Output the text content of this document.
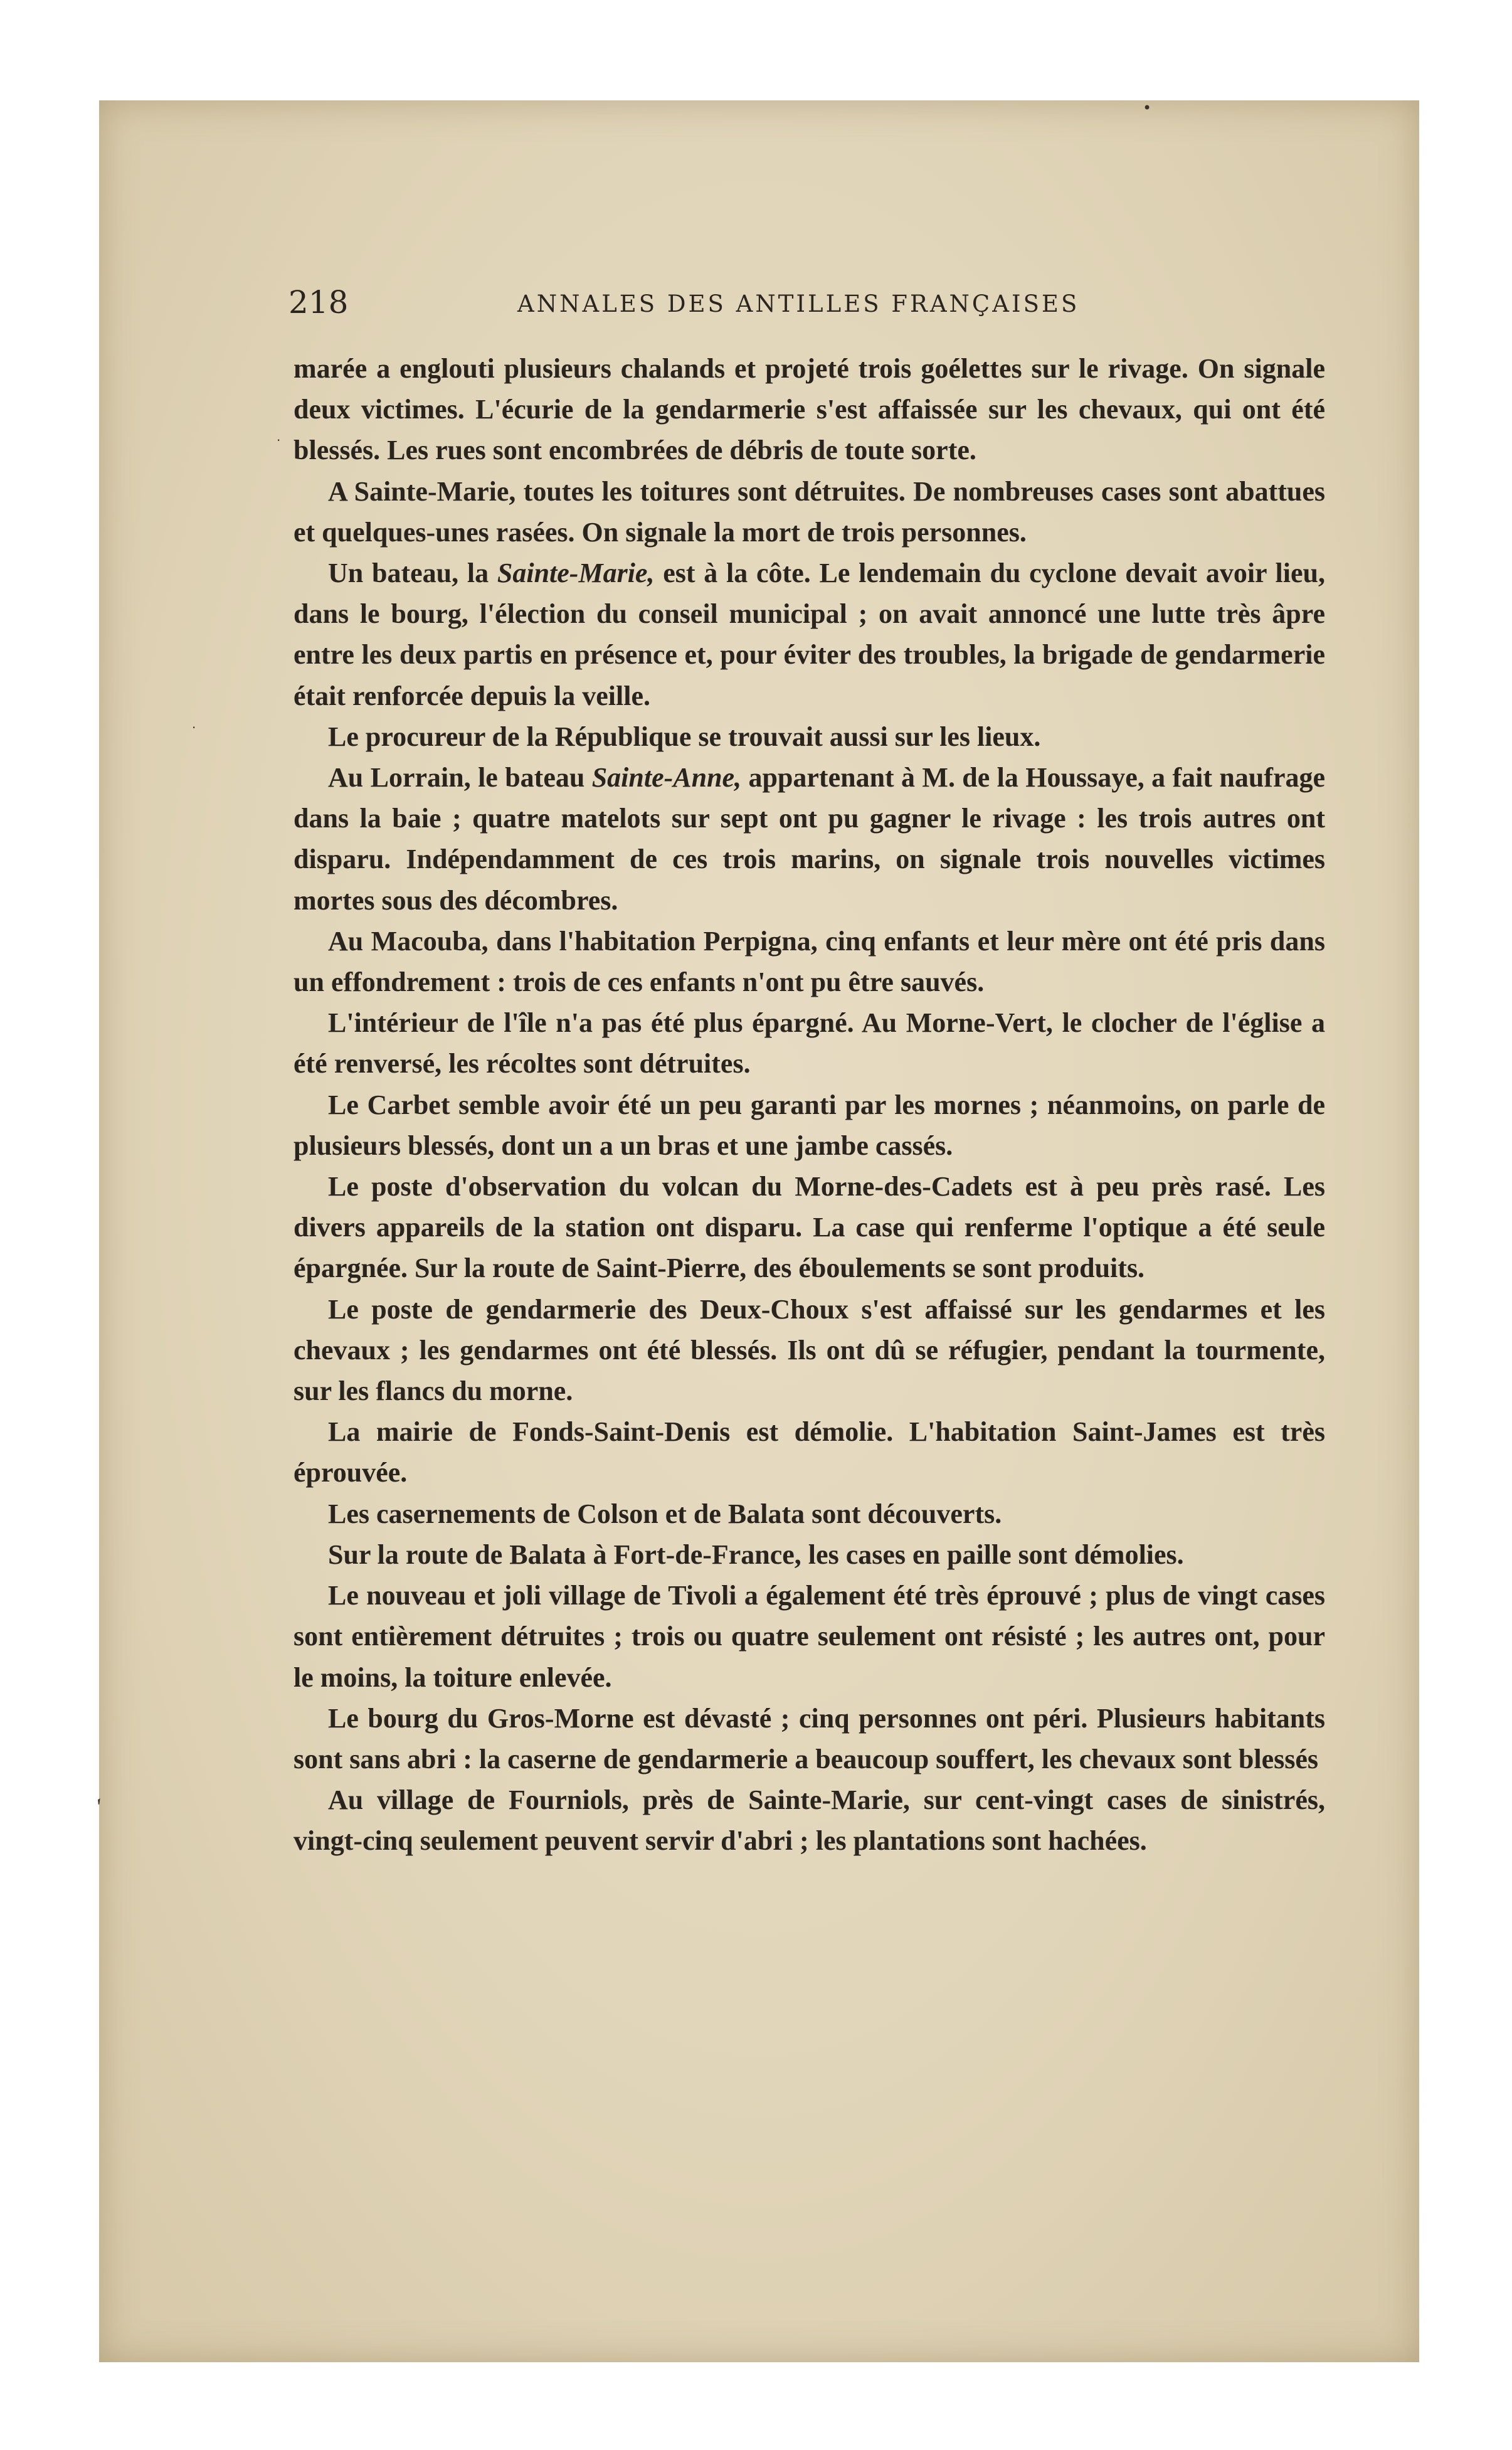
•
·
·
′
218	ANNALES DES ANTILLES FRANÇAISES

marée a englouti plusieurs chalands et projeté trois goélettes sur le rivage. On signale deux victimes. L'écurie de la gendarmerie s'est affaissée sur les chevaux, qui ont été blessés. Les rues sont encombrées de débris de toute sorte.

A Sainte-Marie, toutes les toitures sont détruites. De nombreuses cases sont abattues et quelques-unes rasées. On signale la mort de trois personnes.

Un bateau, la Sainte-Marie, est à la côte. Le lendemain du cyclone devait avoir lieu, dans le bourg, l'élection du conseil municipal ; on avait annoncé une lutte très âpre entre les deux partis en présence et, pour éviter des troubles, la brigade de gendarmerie était renforcée depuis la veille.

Le procureur de la République se trouvait aussi sur les lieux.

Au Lorrain, le bateau Sainte-Anne, appartenant à M. de la Houssaye, a fait naufrage dans la baie ; quatre matelots sur sept ont pu gagner le rivage : les trois autres ont disparu. Indépendamment de ces trois marins, on signale trois nouvelles victimes mortes sous des décombres.

Au Macouba, dans l'habitation Perpigna, cinq enfants et leur mère ont été pris dans un effondrement : trois de ces enfants n'ont pu être sauvés.

L'intérieur de l'île n'a pas été plus épargné. Au Morne-Vert, le clocher de l'église a été renversé, les récoltes sont détruites.

Le Carbet semble avoir été un peu garanti par les mornes ; néanmoins, on parle de plusieurs blessés, dont un a un bras et une jambe cassés.

Le poste d'observation du volcan du Morne-des-Cadets est à peu près rasé. Les divers appareils de la station ont disparu. La case qui renferme l'optique a été seule épargnée. Sur la route de Saint-Pierre, des éboulements se sont produits.

Le poste de gendarmerie des Deux-Choux s'est affaissé sur les gendarmes et les chevaux ; les gendarmes ont été blessés. Ils ont dû se réfugier, pendant la tourmente, sur les flancs du morne.

La mairie de Fonds-Saint-Denis est démolie. L'habitation Saint-James est très éprouvée.

Les casernements de Colson et de Balata sont découverts.

Sur la route de Balata à Fort-de-France, les cases en paille sont démolies.

Le nouveau et joli village de Tivoli a également été très éprouvé ; plus de vingt cases sont entièrement détruites ; trois ou quatre seulement ont résisté ; les autres ont, pour le moins, la toiture enlevée.

Le bourg du Gros-Morne est dévasté ; cinq personnes ont péri. Plusieurs habitants sont sans abri : la caserne de gendarmerie a beaucoup souffert, les chevaux sont blessés

Au village de Fourniols, près de Sainte-Marie, sur cent-vingt cases de sinistrés, vingt-cinq seulement peuvent servir d'abri ; les plantations sont hachées.
